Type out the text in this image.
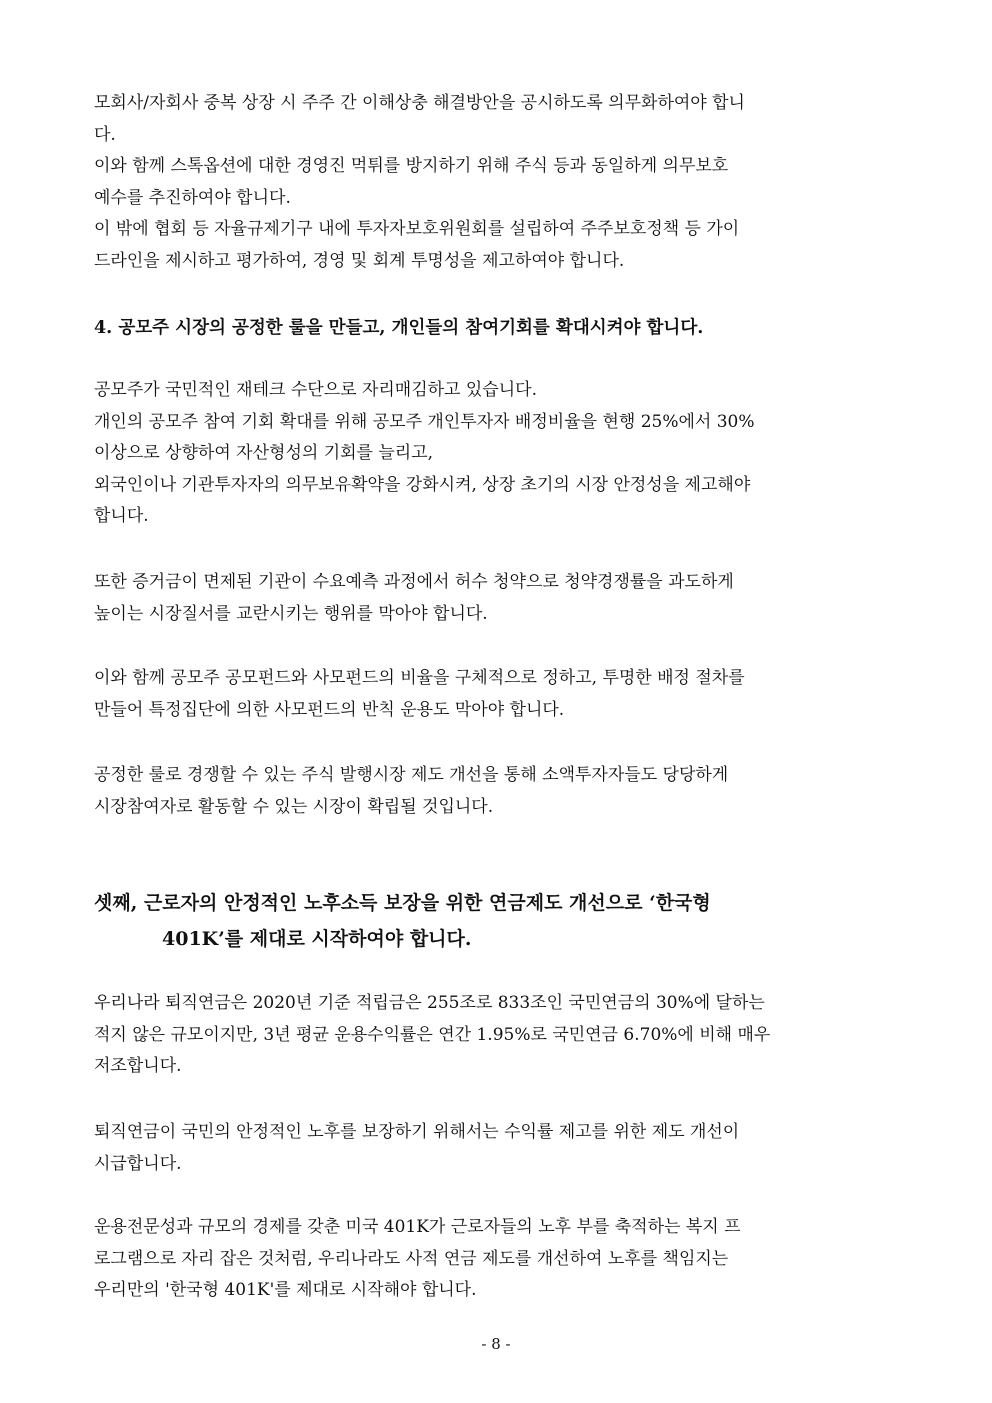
모회사/자회사 중복 상장 시 주주 간 이해상충 해결방안을 공시하도록 의무화하여야 합니
다.
이와 함께 스톡옵션에 대한 경영진 먹튀를 방지하기 위해 주식 등과 동일하게 의무보호
예수를 추진하여야 합니다.
이 밖에 협회 등 자율규제기구 내에 투자자보호위원회를 설립하여 주주보호정책 등 가이
드라인을 제시하고 평가하여, 경영 및 회계 투명성을 제고하여야 합니다.
4. 공모주 시장의 공정한 룰을 만들고, 개인들의 참여기회를 확대시켜야 합니다.
공모주가 국민적인 재테크 수단으로 자리매김하고 있습니다.
개인의 공모주 참여 기회 확대를 위해 공모주 개인투자자 배정비율을 현행 25%에서 30%
이상으로 상향하여 자산형성의 기회를 늘리고,
외국인이나 기관투자자의 의무보유확약을 강화시켜, 상장 초기의 시장 안정성을 제고해야
합니다.
또한 증거금이 면제된 기관이 수요예측 과정에서 허수 청약으로 청약경쟁률을 과도하게
높이는 시장질서를 교란시키는 행위를 막아야 합니다.
이와 함께 공모주 공모펀드와 사모펀드의 비율을 구체적으로 정하고, 투명한 배정 절차를
만들어 특정집단에 의한 사모펀드의 반칙 운용도 막아야 합니다.
공정한 룰로 경쟁할 수 있는 주식 발행시장 제도 개선을 통해 소액투자자들도 당당하게
시장참여자로 활동할 수 있는 시장이 확립될 것입니다.
셋째, 근로자의 안정적인 노후소득 보장을 위한 연금제도 개선으로 ‘한국형
401K’를 제대로 시작하여야 합니다.
우리나라 퇴직연금은 2020년 기준 적립금은 255조로 833조인 국민연금의 30%에 달하는
적지 않은 규모이지만, 3년 평균 운용수익률은 연간 1.95%로 국민연금 6.70%에 비해 매우
저조합니다.
퇴직연금이 국민의 안정적인 노후를 보장하기 위해서는 수익률 제고를 위한 제도 개선이
시급합니다.
운용전문성과 규모의 경제를 갖춘 미국 401K가 근로자들의 노후 부를 축적하는 복지 프
로그램으로 자리 잡은 것처럼, 우리나라도 사적 연금 제도를 개선하여 노후를 책임지는
우리만의 '한국형 401K'를 제대로 시작해야 합니다.
- 8 -
